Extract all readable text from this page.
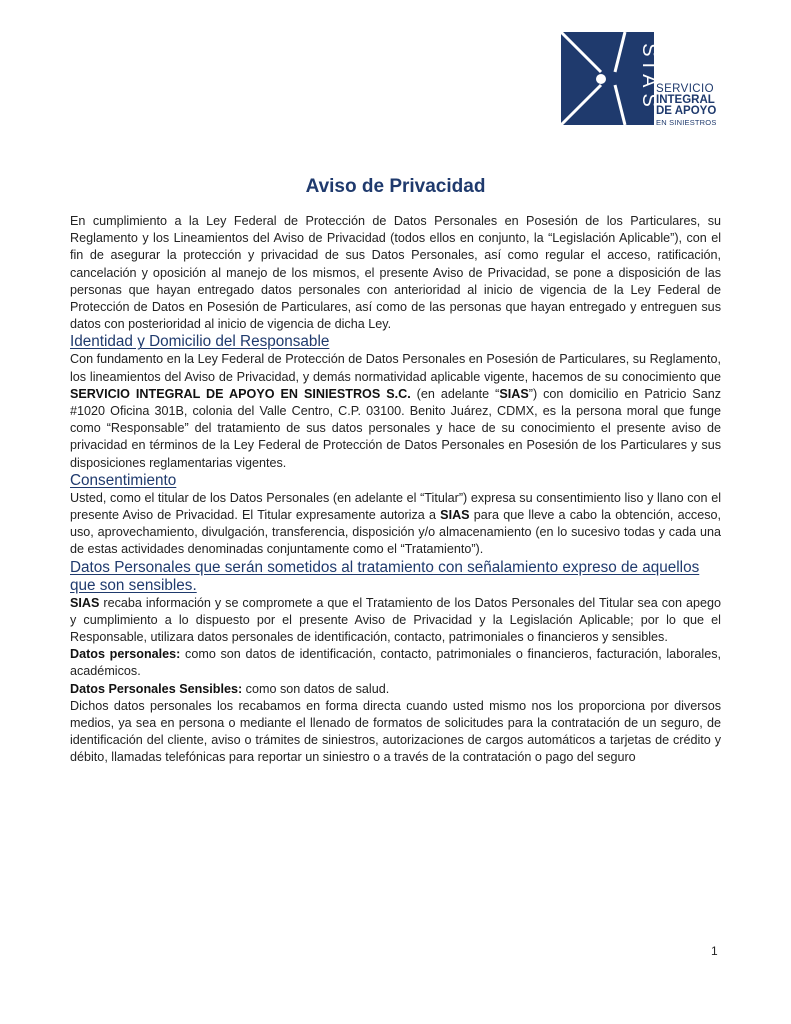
SIAS
SERVICIO
INTEGRAL
DE APOYO
EN SINIESTROS
Aviso de Privacidad

En cumplimiento a la Ley Federal de Protección de Datos Personales en Posesión de los Particulares, su Reglamento y los Lineamientos del Aviso de Privacidad (todos ellos en conjunto, la “Legislación Aplicable”), con el fin de asegurar la protección y privacidad de sus Datos Personales, así como regular el acceso, ratificación, cancelación y oposición al manejo de los mismos, el presente Aviso de Privacidad, se pone a disposición de las personas que hayan entregado datos personales con anterioridad al inicio de vigencia de la Ley Federal de Protección de Datos en Posesión de Particulares, así como de las personas que hayan entregado y entreguen sus datos con posterioridad al inicio de vigencia de dicha Ley.

Identidad y Domicilio del Responsable

Con fundamento en la Ley Federal de Protección de Datos Personales en Posesión de Particulares, su Reglamento, los lineamientos del Aviso de Privacidad, y demás normatividad aplicable vigente, hacemos de su conocimiento que SERVICIO INTEGRAL DE APOYO EN SINIESTROS S.C. (en adelante “SIAS”) con domicilio en Patricio Sanz #1020 Oficina 301B, colonia del Valle Centro, C.P. 03100. Benito Juárez, CDMX, es la persona moral que funge como “Responsable” del tratamiento de sus datos personales y hace de su conocimiento el presente aviso de privacidad en términos de la Ley Federal de Protección de Datos Personales en Posesión de los Particulares y sus disposiciones reglamentarias vigentes.

Consentimiento

Usted, como el titular de los Datos Personales (en adelante el “Titular”) expresa su consentimiento liso y llano con el presente Aviso de Privacidad. El Titular expresamente autoriza a SIAS para que lleve a cabo la obtención, acceso, uso, aprovechamiento, divulgación, transferencia, disposición y/o almacenamiento (en lo sucesivo todas y cada una de estas actividades denominadas conjuntamente como el “Tratamiento”).

Datos Personales que serán sometidos al tratamiento con señalamiento expreso de aquellos que son sensibles.

SIAS recaba información y se compromete a que el Tratamiento de los Datos Personales del Titular sea con apego y cumplimiento a lo dispuesto por el presente Aviso de Privacidad y la Legislación Aplicable; por lo que el Responsable, utilizara datos personales de identificación, contacto, patrimoniales o financieros y sensibles.

Datos personales: como son datos de identificación, contacto, patrimoniales o financieros, facturación, laborales, académicos.

Datos Personales Sensibles: como son datos de salud.

Dichos datos personales los recabamos en forma directa cuando usted mismo nos los proporciona por diversos medios, ya sea en persona o mediante el llenado de formatos de solicitudes para la contratación de un seguro, de identificación del cliente, aviso o trámites de siniestros, autorizaciones de cargos automáticos a tarjetas de crédito y débito, llamadas telefónicas para reportar un siniestro o a través de la contratación o pago del seguro

1
